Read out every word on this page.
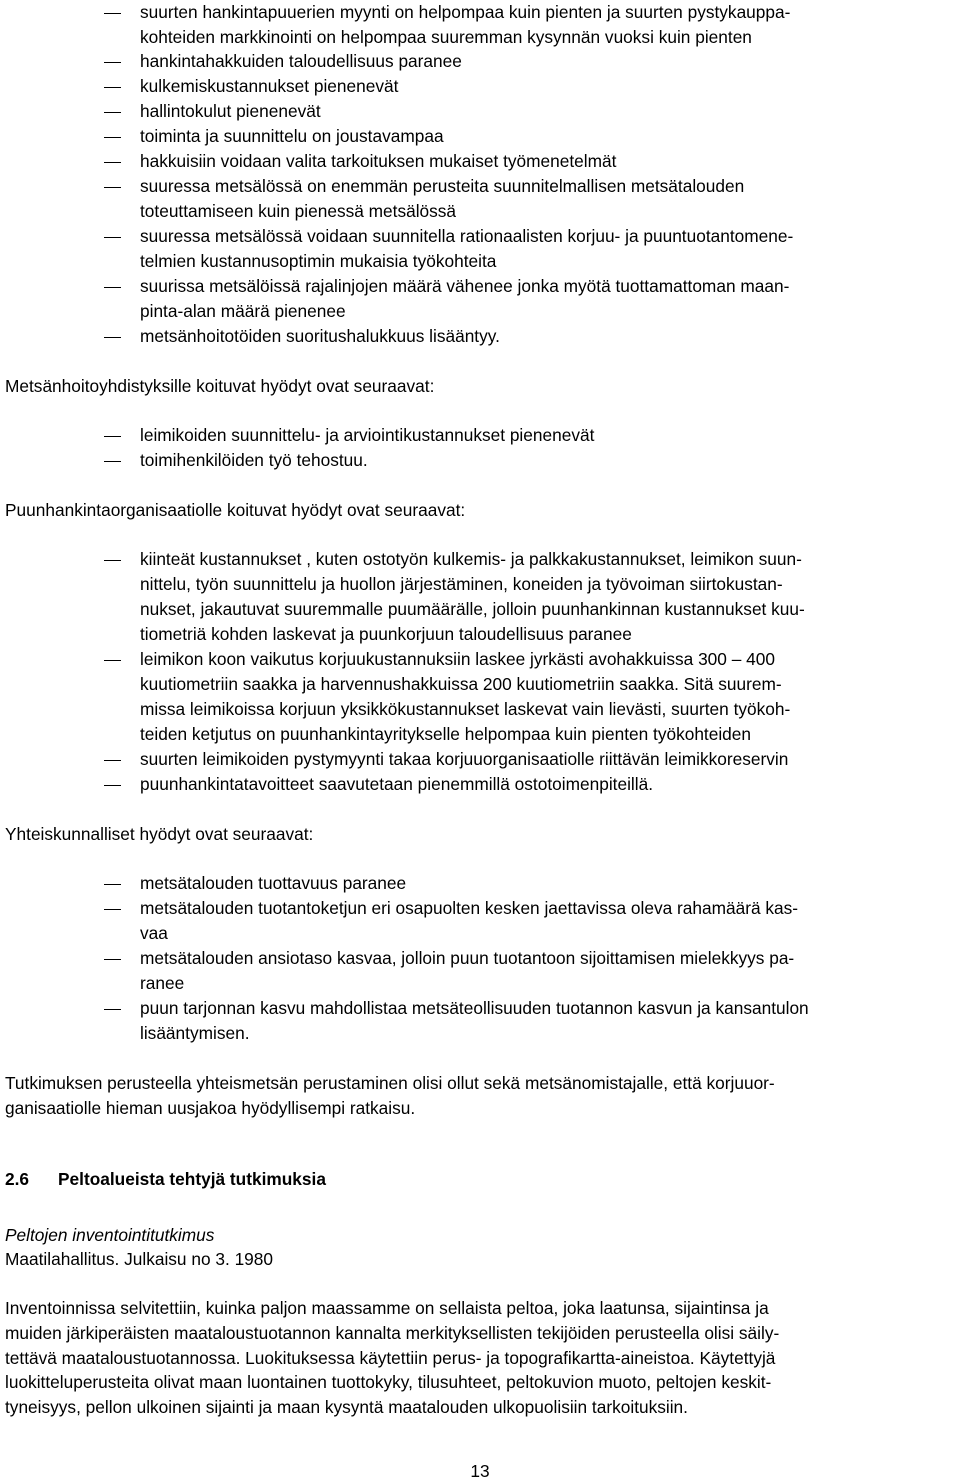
suurten hankintapuuerien myynti on helpompaa kuin pienten ja suurten pystykauppa-
kohteiden markkinointi on helpompaa suuremman kysynnän vuoksi kuin pienten
hankintahakkuiden taloudellisuus paranee
kulkemiskustannukset pienenevät
hallintokulut pienenevät
toiminta ja suunnittelu on joustavampaa
hakkuisiin voidaan valita tarkoituksen mukaiset työmenetelmät
suuressa metsälössä on enemmän perusteita suunnitelmallisen metsätalouden
toteuttamiseen kuin pienessä metsälössä
suuressa metsälössä voidaan suunnitella rationaalisten korjuu- ja puuntuotantomene-
telmien kustannusoptimin mukaisia työkohteita
suurissa metsälöissä rajalinjojen määrä vähenee jonka myötä tuottamattoman maan-
pinta-alan määrä pienenee
metsänhoitotöiden suoritushalukkuus lisääntyy.
Metsänhoitoyhdistyksille koituvat hyödyt ovat seuraavat:
leimikoiden suunnittelu- ja arviointikustannukset pienenevät
toimihenkilöiden työ tehostuu.
Puunhankintaorganisaatiolle koituvat hyödyt ovat seuraavat:
kiinteät kustannukset , kuten ostotyön kulkemis- ja palkkakustannukset, leimikon suun-
nittelu, työn suunnittelu ja huollon järjestäminen, koneiden ja työvoiman siirtokustan-
nukset, jakautuvat suuremmalle puumäärälle, jolloin puunhankinnan kustannukset kuu-
tiometriä kohden laskevat ja puunkorjuun taloudellisuus paranee
leimikon koon vaikutus korjuukustannuksiin laskee jyrkästi avohakkuissa 300 – 400
kuutiometriin saakka ja harvennushakkuissa 200 kuutiometriin saakka. Sitä suurem-
missa leimikoissa korjuun yksikkökustannukset laskevat vain lievästi, suurten työkoh-
teiden ketjutus on puunhankintayritykselle helpompaa kuin pienten työkohteiden
suurten leimikoiden pystymyynti takaa korjuuorganisaatiolle riittävän leimikkoreservin
puunhankintatavoitteet saavutetaan pienemmillä ostotoimenpiteillä.
Yhteiskunnalliset hyödyt ovat seuraavat:
metsätalouden tuottavuus paranee
metsätalouden tuotantoketjun eri osapuolten kesken jaettavissa oleva rahamäärä kas-
vaa
metsätalouden ansiotaso kasvaa, jolloin puun tuotantoon sijoittamisen mielekkyys pa-
ranee
puun tarjonnan kasvu mahdollistaa metsäteollisuuden tuotannon kasvun ja kansantulon
lisääntymisen.
Tutkimuksen perusteella yhteismetsän perustaminen olisi ollut sekä metsänomistajalle, että korjuuor-
ganisaatiolle hieman uusjakoa hyödyllisempi ratkaisu.
2.6 Peltoalueista tehtyjä tutkimuksia
Peltojen inventointitutkimus
Maatilahallitus. Julkaisu no 3. 1980
Inventoinnissa selvitettiin, kuinka paljon maassamme on sellaista peltoa, joka laatunsa, sijaintinsa ja
muiden järkiperäisten maataloustuotannon kannalta merkityksellisten tekijöiden perusteella olisi säily-
tettävä maataloustuotannossa. Luokituksessa käytettiin perus- ja topografikartta-aineistoa. Käytettyjä
luokitteluperusteita olivat maan luontainen tuottokyky, tilusuhteet, peltokuvion muoto, peltojen keskit-
tyneisyys, pellon ulkoinen sijainti ja maan kysyntä maatalouden ulkopuolisiin tarkoituksiin.
13
